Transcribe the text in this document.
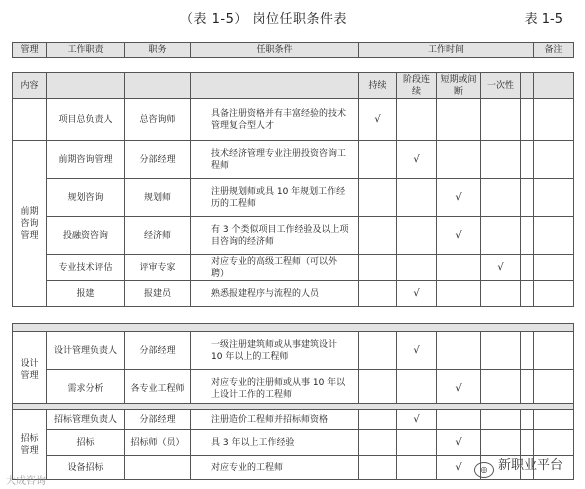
（表 1-5） 岗位任职条件表	表 1-5
管理	工作职责	职务	任职条件	工作时间	备注
内容				持续	阶段连续	短期或间断	一次性		
	项目总负责人	总咨询师	具备注册资格并有丰富经验的技术管理复合型人才	√					
前期咨询管理	前期咨询管理	分部经理	技术经济管理专业注册投资咨询工程师		√				
	规划咨询	规划师	注册规划师或具 10 年规划工作经历的工程师			√			
	投融资咨询	经济师	有 3 个类似项目工作经验及以上项目咨询的经济师			√			
	专业技术评估	评审专家	对应专业的高级工程师（可以外聘）				√		
	报建	报建员	熟悉报建程序与流程的人员		√				

设计管理	设计管理负责人	分部经理	一级注册建筑师或从事建筑设计 10 年以上的工程师		√				
	需求分析	各专业工程师	对应专业的注册师或从事 10 年以上设计工作的工程师			√			

招标管理	招标管理负责人	分部经理	注册造价工程师并招标师资格		√				
	招标	招标师（员）	具 3 年以上工作经验			√			
	设备招标		对应专业的工程师			√			
大成咨询
◎ 新职业平台
